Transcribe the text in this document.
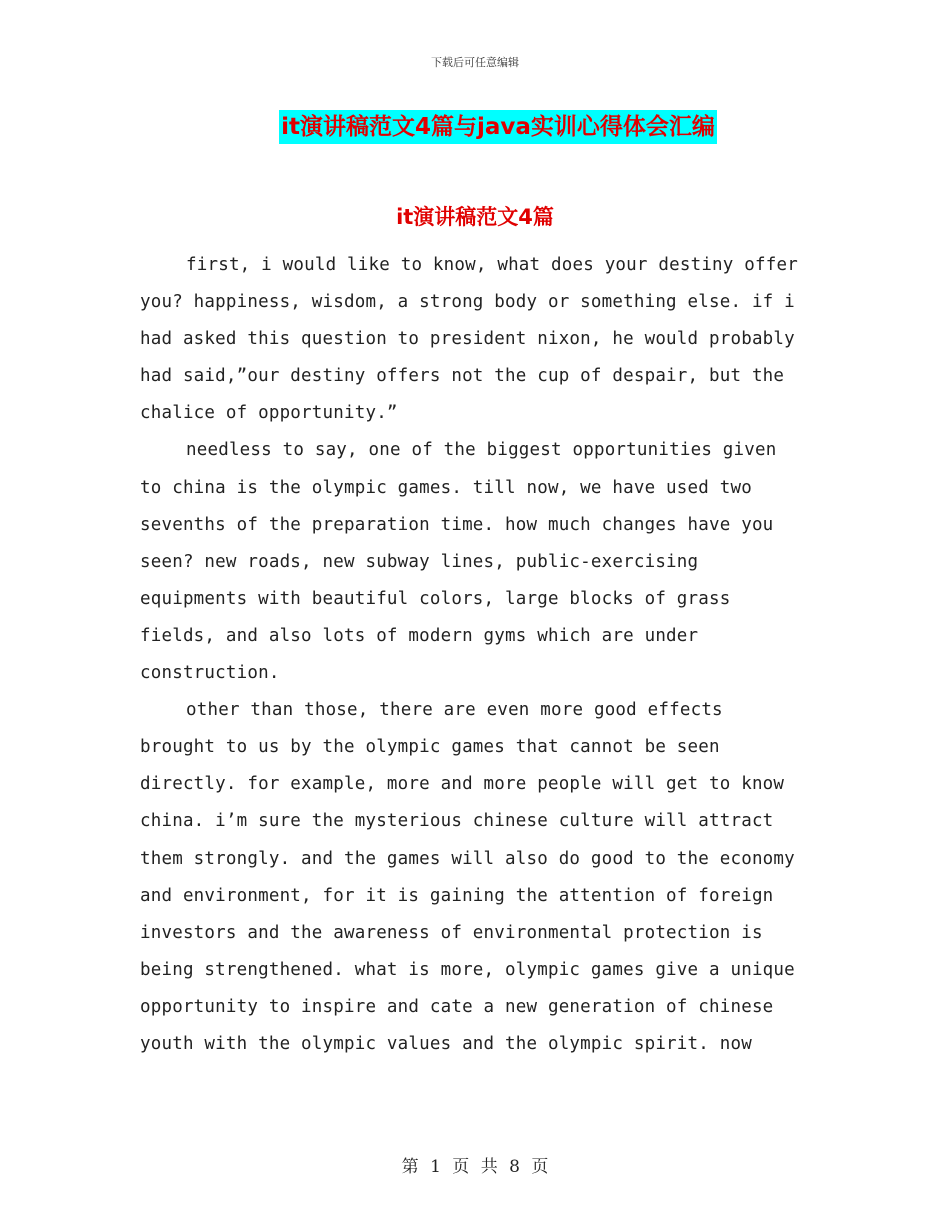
下载后可任意编辑
it演讲稿范文4篇与java实训心得体会汇编
it演讲稿范文4篇
first, i would like to know, what does your destiny offer
you? happiness, wisdom, a strong body or something else. if i
had asked this question to president nixon, he would probably
had said,”our destiny offers not the cup of despair, but the
chalice of opportunity.”
needless to say, one of the biggest opportunities given
to china is the olympic games. till now, we have used two
sevenths of the preparation time. how much changes have you
seen? new roads, new subway lines, public-exercising
equipments with beautiful colors, large blocks of grass
fields, and also lots of modern gyms which are under
construction.
other than those, there are even more good effects
brought to us by the olympic games that cannot be seen
directly. for example, more and more people will get to know
china. i’m sure the mysterious chinese culture will attract
them strongly. and the games will also do good to the economy
and environment, for it is gaining the attention of foreign
investors and the awareness of environmental protection is
being strengthened. what is more, olympic games give a unique
opportunity to inspire and cate a new generation of chinese
youth with the olympic values and the olympic spirit. now
第 1 页 共 8 页
